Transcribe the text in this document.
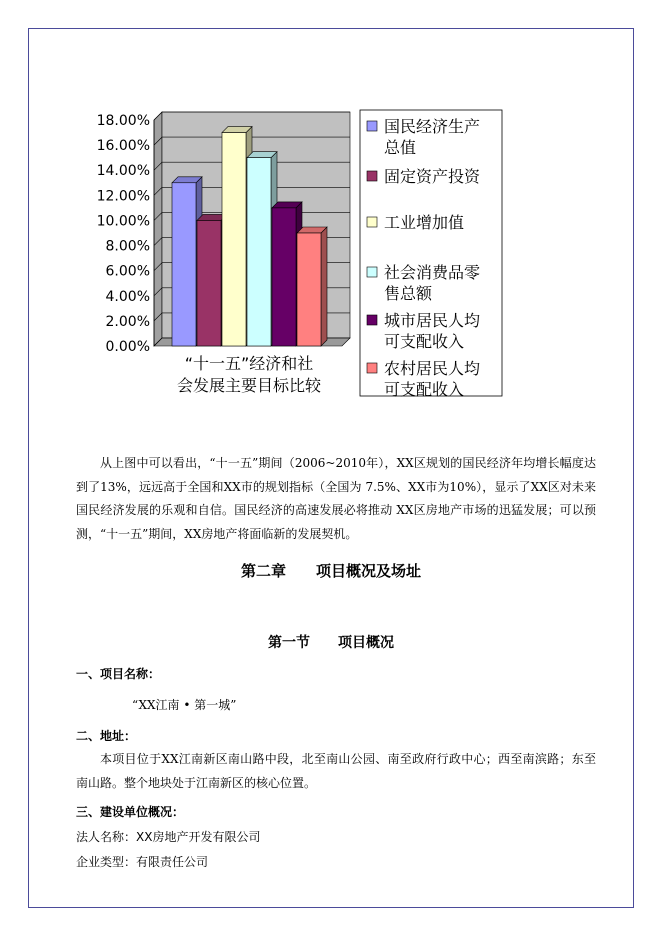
0.00%
2.00%
4.00%
6.00%
8.00%
10.00%
12.00%
14.00%
16.00%
18.00%
“十一五”经济和社
会发展主要目标比较
国民经济生产
总值
固定资产投资
工业增加值
社会消费品零
售总额
城市居民人均
可支配收入
农村居民人均
可支配收入
从上图中可以看出，“十一五”期间（2006~2010年），XX区规划的国民经济年均增长幅度达到了13%，远远高于全国和XX市的规划指标（全国为 7.5%、XX市为10%），显示了XX区对未来国民经济发展的乐观和自信。国民经济的高速发展必将推动 XX区房地产市场的迅猛发展；可以预测，“十一五”期间，XX房地产将面临新的发展契机。
第二章　　项目概况及场址
第一节　　项目概况
一、项目名称：
“XX江南 • 第一城”
二、地址：
本项目位于XX江南新区南山路中段，北至南山公园、南至政府行政中心；西至南滨路；东至南山路。整个地块处于江南新区的核心位置。
三、建设单位概况：
法人名称：XX房地产开发有限公司
企业类型：有限责任公司
